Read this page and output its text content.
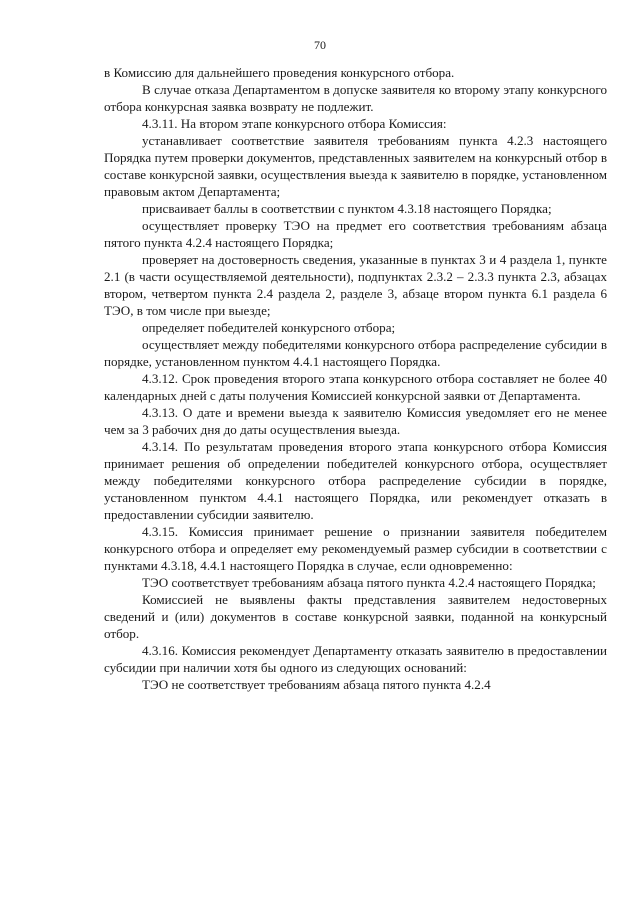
70

в Комиссию для дальнейшего проведения конкурсного отбора.

В случае отказа Департаментом в допуске заявителя ко второму этапу конкурсного отбора конкурсная заявка возврату не подлежит.

4.3.11. На втором этапе конкурсного отбора Комиссия:

устанавливает соответствие заявителя требованиям пункта 4.2.3 настоящего Порядка путем проверки документов, представленных заявителем на конкурсный отбор в составе конкурсной заявки, осуществления выезда к заявителю в порядке, установленном правовым актом Департамента;

присваивает баллы в соответствии с пунктом 4.3.18 настоящего Порядка;

осуществляет проверку ТЭО на предмет его соответствия требованиям абзаца пятого пункта 4.2.4 настоящего Порядка;

проверяет на достоверность сведения, указанные в пунктах 3 и 4 раздела 1, пункте 2.1 (в части осуществляемой деятельности), подпунктах 2.3.2 – 2.3.3 пункта 2.3, абзацах втором, четвертом пункта 2.4 раздела 2, разделе 3, абзаце втором пункта 6.1 раздела 6 ТЭО, в том числе при выезде;

определяет победителей конкурсного отбора;

осуществляет между победителями конкурсного отбора распределение субсидии в порядке, установленном пунктом 4.4.1 настоящего Порядка.

4.3.12. Срок проведения второго этапа конкурсного отбора составляет не более 40 календарных дней с даты получения Комиссией конкурсной заявки от Департамента.

4.3.13. О дате и времени выезда к заявителю Комиссия уведомляет его не менее чем за 3 рабочих дня до даты осуществления выезда.

4.3.14. По результатам проведения второго этапа конкурсного отбора Комиссия принимает решения об определении победителей конкурсного отбора, осуществляет между победителями конкурсного отбора распределение субсидии в порядке, установленном пунктом 4.4.1 настоящего Порядка, или рекомендует отказать в предоставлении субсидии заявителю.

4.3.15. Комиссия принимает решение о признании заявителя победителем конкурсного отбора и определяет ему рекомендуемый размер субсидии в соответствии с пунктами 4.3.18, 4.4.1 настоящего Порядка в случае, если одновременно:

ТЭО соответствует требованиям абзаца пятого пункта 4.2.4 настоящего Порядка;

Комиссией не выявлены факты представления заявителем недостоверных сведений и (или) документов в составе конкурсной заявки, поданной на конкурсный отбор.

4.3.16. Комиссия рекомендует Департаменту отказать заявителю в предоставлении субсидии при наличии хотя бы одного из следующих оснований:

ТЭО не соответствует требованиям абзаца пятого пункта 4.2.4
